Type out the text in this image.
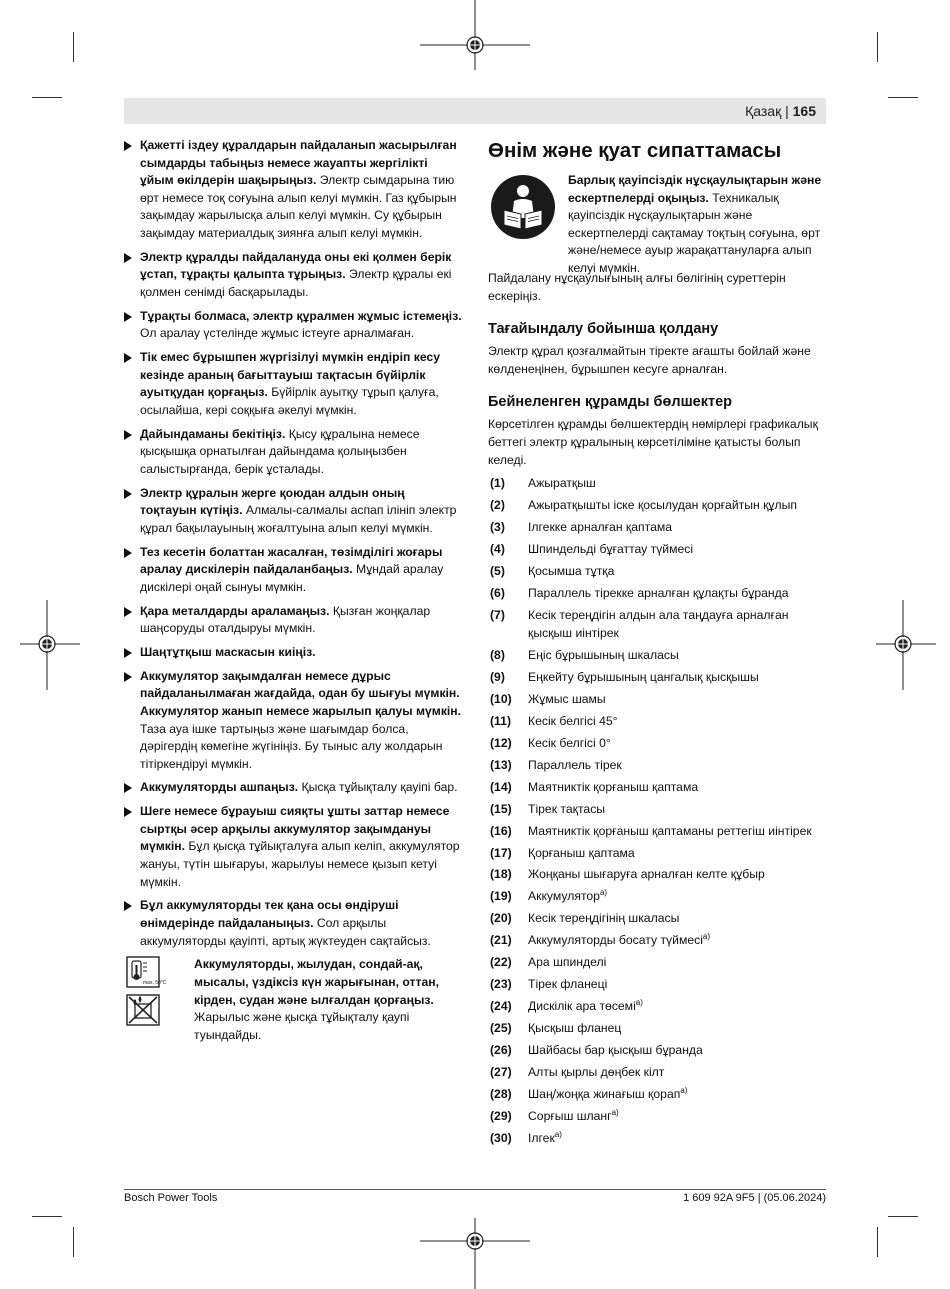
Қазақ | 165
Қажетті іздеу құралдарын пайдаланып жасырылған сымдарды табыңыз немесе жауапты жергілікті ұйым өкілдерін шақырыңыз. Электр сымдарына тию өрт немесе тоқ соғуына алып келуі мүмкін. Газ құбырын зақымдау жарылысқа алып келуі мүмкін. Су құбырын зақымдау материалдық зиянға алып келуі мүмкін.
Электр құралды пайдалануда оны екі қолмен берік ұстап, тұрақты қалыпта тұрыңыз. Электр құралы екі қолмен сенімді басқарылады.
Тұрақты болмаса, электр құралмен жұмыс істемеңіз. Ол аралау үстелінде жұмыс істеуге арналмаған.
Тік емес бұрышпен жүргізілуі мүмкін ендіріп кесу кезінде араның бағыттауыш тақтасын бүйірлік ауытқудан қорғаңыз. Бүйірлік ауытқу тұрып қалуға, осылайша, кері соққыға әкелуі мүмкін.
Дайындаманы бекітіңіз. Қысу құралына немесе қысқышқа орнатылған дайындама қолыңызбен салыстырғанда, берік ұсталады.
Электр құралын жерге қоюдан алдын оның тоқтауын күтіңіз. Алмалы-салмалы аспап ілініп электр құрал бақылауының жоғалтуына алып келуі мүмкін.
Тез кесетін болаттан жасалған, төзімділігі жоғары аралау дискілерін пайдаланбаңыз. Мұндай аралау дискілері оңай сынуы мүмкін.
Қара металдарды араламаңыз. Қызған жоңқалар шаңсоруды оталдыруы мүмкін.
Шаңтұтқыш маскасын киіңіз.
Аккумулятор зақымдалған немесе дұрыс пайдаланылмаған жағдайда, одан бу шығуы мүмкін. Аккумулятор жанып немесе жарылып қалуы мүмкін. Таза ауа ішке тартыңыз және шағымдар болса, дәрігердің көмегіне жүгініңіз. Бу тыныс алу жолдарын тітіркендіруі мүмкін.
Аккумуляторды ашпаңыз. Қысқа тұйықталу қауіпі бар.
Шеге немесе бұрауыш сияқты ұшты заттар немесе сыртқы әсер арқылы аккумулятор зақымдануы мүмкін. Бұл қысқа тұйықталуға алып келіп, аккумулятор жануы, түтін шығаруы, жарылуы немесе қызып кетуі мүмкін.
Бұл аккумуляторды тек қана осы өндіруші өнімдерінде пайдаланыңыз. Сол арқылы аккумуляторды қауіпті, артық жүктеуден сақтайсыз.
max. 50°C
Аккумуляторды, жылудан, сондай-ақ, мысалы, үздіксіз күн жарығынан, оттан, кірден, судан және ылғалдан қорғаңыз. Жарылыс және қысқа тұйықталу қаупі туындайды.
Өнім және қуат сипаттамасы
Барлық қауіпсіздік нұсқаулықтарын және ескертпелерді оқыңыз. Техникалық қауіпсіздік нұсқаулықтарын және ескертпелерді сақтамау тоқтың соғуына, өрт және/немесе ауыр жарақаттануларға алып келуі мүмкін.
Пайдалану нұсқаулығының алғы бөлігінің суреттерін ескеріңіз.
Тағайындалу бойынша қолдану
Электр құрал қозғалмайтын тіректе ағашты бойлай және көлденеңінен, бұрышпен кесуге арналған.
Бейнеленген құрамды бөлшектер
Көрсетілген құрамды бөлшектердің нөмірлері графикалық беттегі электр құралының көрсетіліміне қатысты болып келеді.
(1) Ажыратқыш
(2) Ажыратқышты іске қосылудан қорғайтын құлып
(3) Ілгекке арналған қаптама
(4) Шпиндельді бұғаттау түймесі
(5) Қосымша тұтқа
(6) Параллель тірекке арналған құлақты бұранда
(7) Кесік тереңдігін алдын ала таңдауға арналған қысқыш иінтірек
(8) Еңіс бұрышының шкаласы
(9) Еңкейту бұрышының цангалық қысқышы
(10) Жұмыс шамы
(11) Кесік белгісі 45°
(12) Кесік белгісі 0°
(13) Параллель тірек
(14) Маятниктік қорғаныш қаптама
(15) Тірек тақтасы
(16) Маятниктік қорғаныш қаптаманы реттегіш иінтірек
(17) Қорғаныш қаптама
(18) Жоңқаны шығаруға арналған келте құбыр
(19) Аккумулятор$^{a)}$
(20) Кесік тереңдігінің шкаласы
(21) Аккумуляторды босату түймесі$^{a)}$
(22) Ара шпинделі
(23) Тірек фланеці
(24) Дискілік ара төсемі$^{a)}$
(25) Қысқыш фланец
(26) Шайбасы бар қысқыш бұранда
(27) Алты қырлы дөңбек кілт
(28) Шаң/жоңқа жинағыш қорап$^{a)}$
(29) Сорғыш шланг$^{a)}$
(30) Ілгек$^{a)}$
Bosch Power Tools	1 609 92A 9F5 | (05.06.2024)
